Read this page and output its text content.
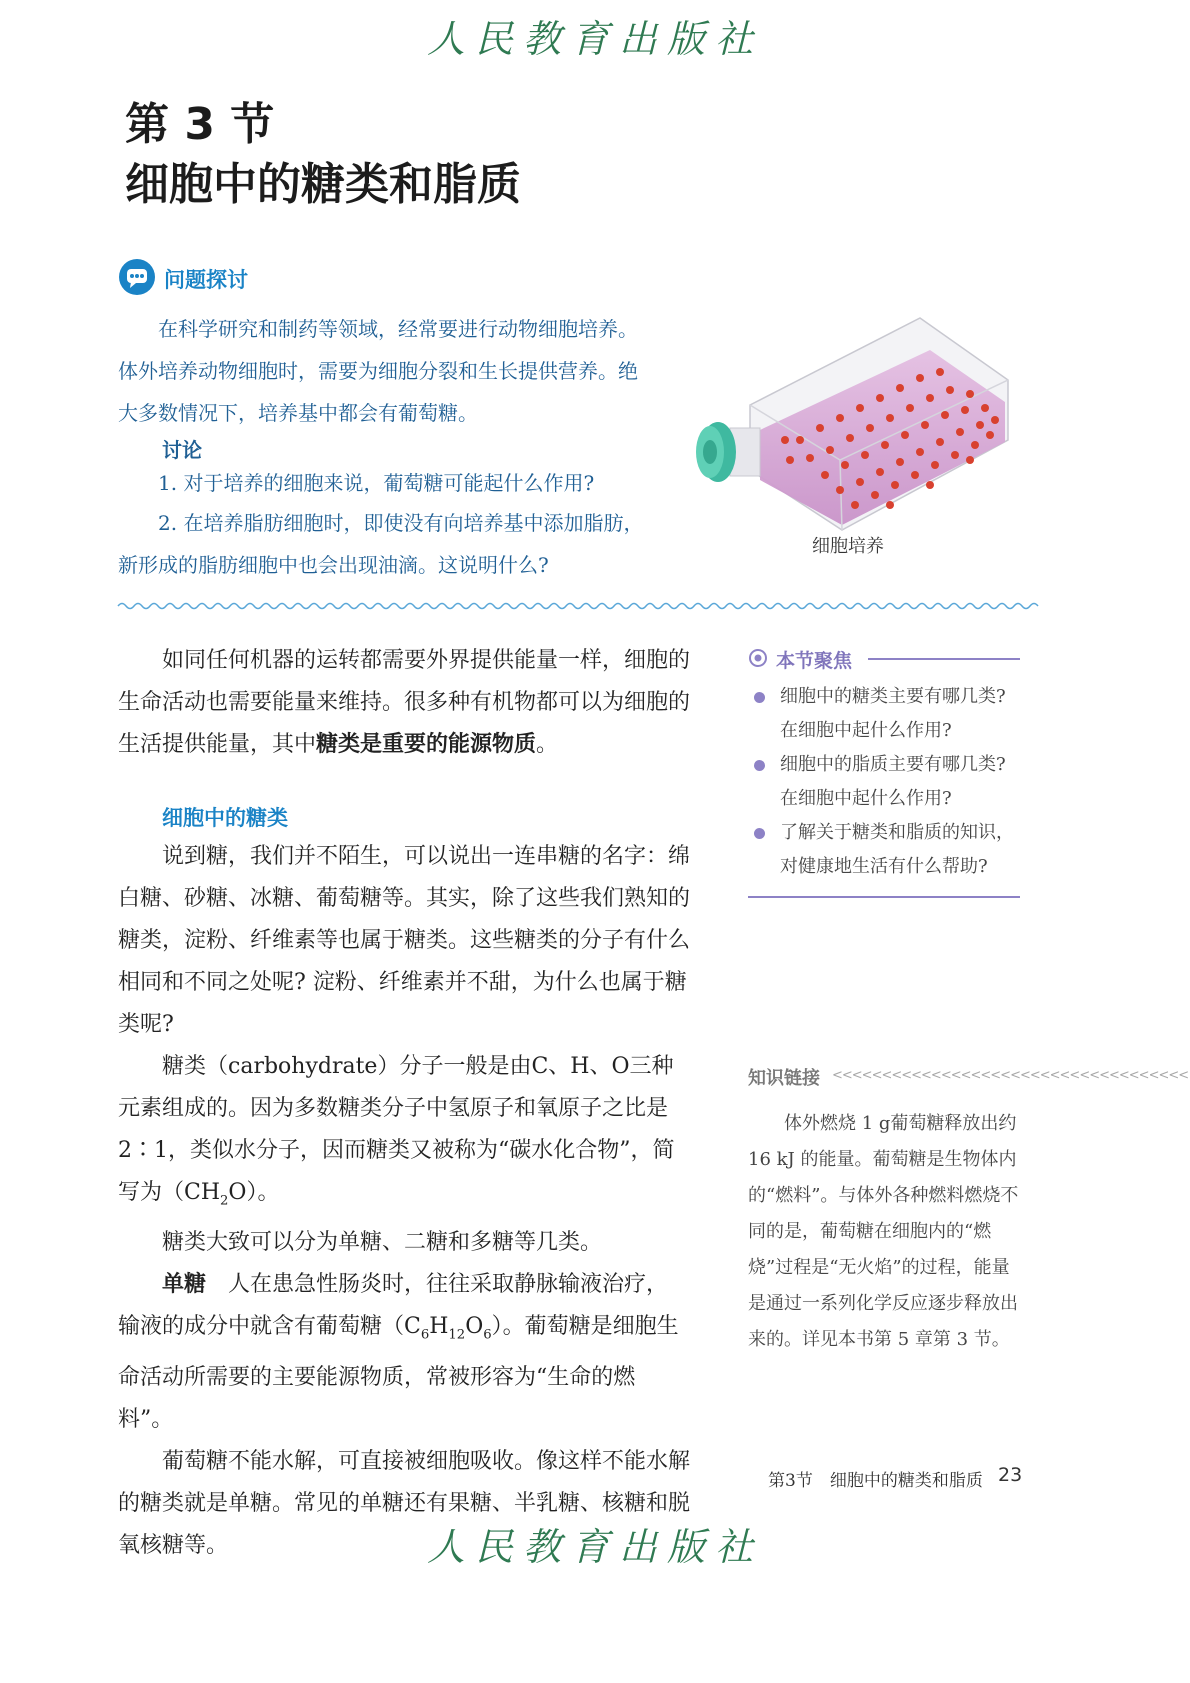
人民教育出版社
第 3 节
细胞中的糖类和脂质
问题探讨
在科学研究和制药等领域，经常要进行动物细胞培养。体外培养动物细胞时，需要为细胞分裂和生长提供营养。绝大多数情况下，培养基中都会有葡萄糖。
讨论
1. 对于培养的细胞来说，葡萄糖可能起什么作用?
2. 在培养脂肪细胞时，即使没有向培养基中添加脂肪，新形成的脂肪细胞中也会出现油滴。这说明什么?
细胞培养

如同任何机器的运转都需要外界提供能量一样，细胞的生命活动也需要能量来维持。很多种有机物都可以为细胞的生活提供能量，其中糖类是重要的能源物质。

细胞中的糖类

说到糖，我们并不陌生，可以说出一连串糖的名字：绵白糖、砂糖、冰糖、葡萄糖等。其实，除了这些我们熟知的糖类，淀粉、纤维素等也属于糖类。这些糖类的分子有什么相同和不同之处呢? 淀粉、纤维素并不甜，为什么也属于糖类呢?

糖类（carbohydrate）分子一般是由C、H、O三种元素组成的。因为多数糖类分子中氢原子和氧原子之比是2∶1，类似水分子，因而糖类又被称为“碳水化合物”，简写为$(CH_2O)$。

糖类大致可以分为单糖、二糖和多糖等几类。

单糖　 人在患急性肠炎时，往往采取静脉输液治疗，输液的成分中就含有葡萄糖$(C_6H_{12}O_6)$。葡萄糖是细胞生命活动所需要的主要能源物质，常被形容为“生命的燃料”。

葡萄糖不能水解，可直接被细胞吸收。像这样不能水解的糖类就是单糖。常见的单糖还有果糖、半乳糖、核糖和脱氧核糖等。

本节聚焦
细胞中的糖类主要有哪几类? 在细胞中起什么作用?
细胞中的脂质主要有哪几类? 在细胞中起什么作用?
了解关于糖类和脂质的知识，对健康地生活有什么帮助?
知识链接 <<<<<<<<<<<<<<<<<<<<<<<<<<<<<<<<<<<<

体外燃烧 1 g葡萄糖释放出约 16 kJ 的能量。葡萄糖是生物体内的“燃料”。与体外各种燃料燃烧不同的是，葡萄糖在细胞内的“燃烧”过程是“无火焰”的过程，能量是通过一系列化学反应逐步释放出来的。详见本书第 5 章第 3 节。

第3节　细胞中的糖类和脂质 23
人民教育出版社
